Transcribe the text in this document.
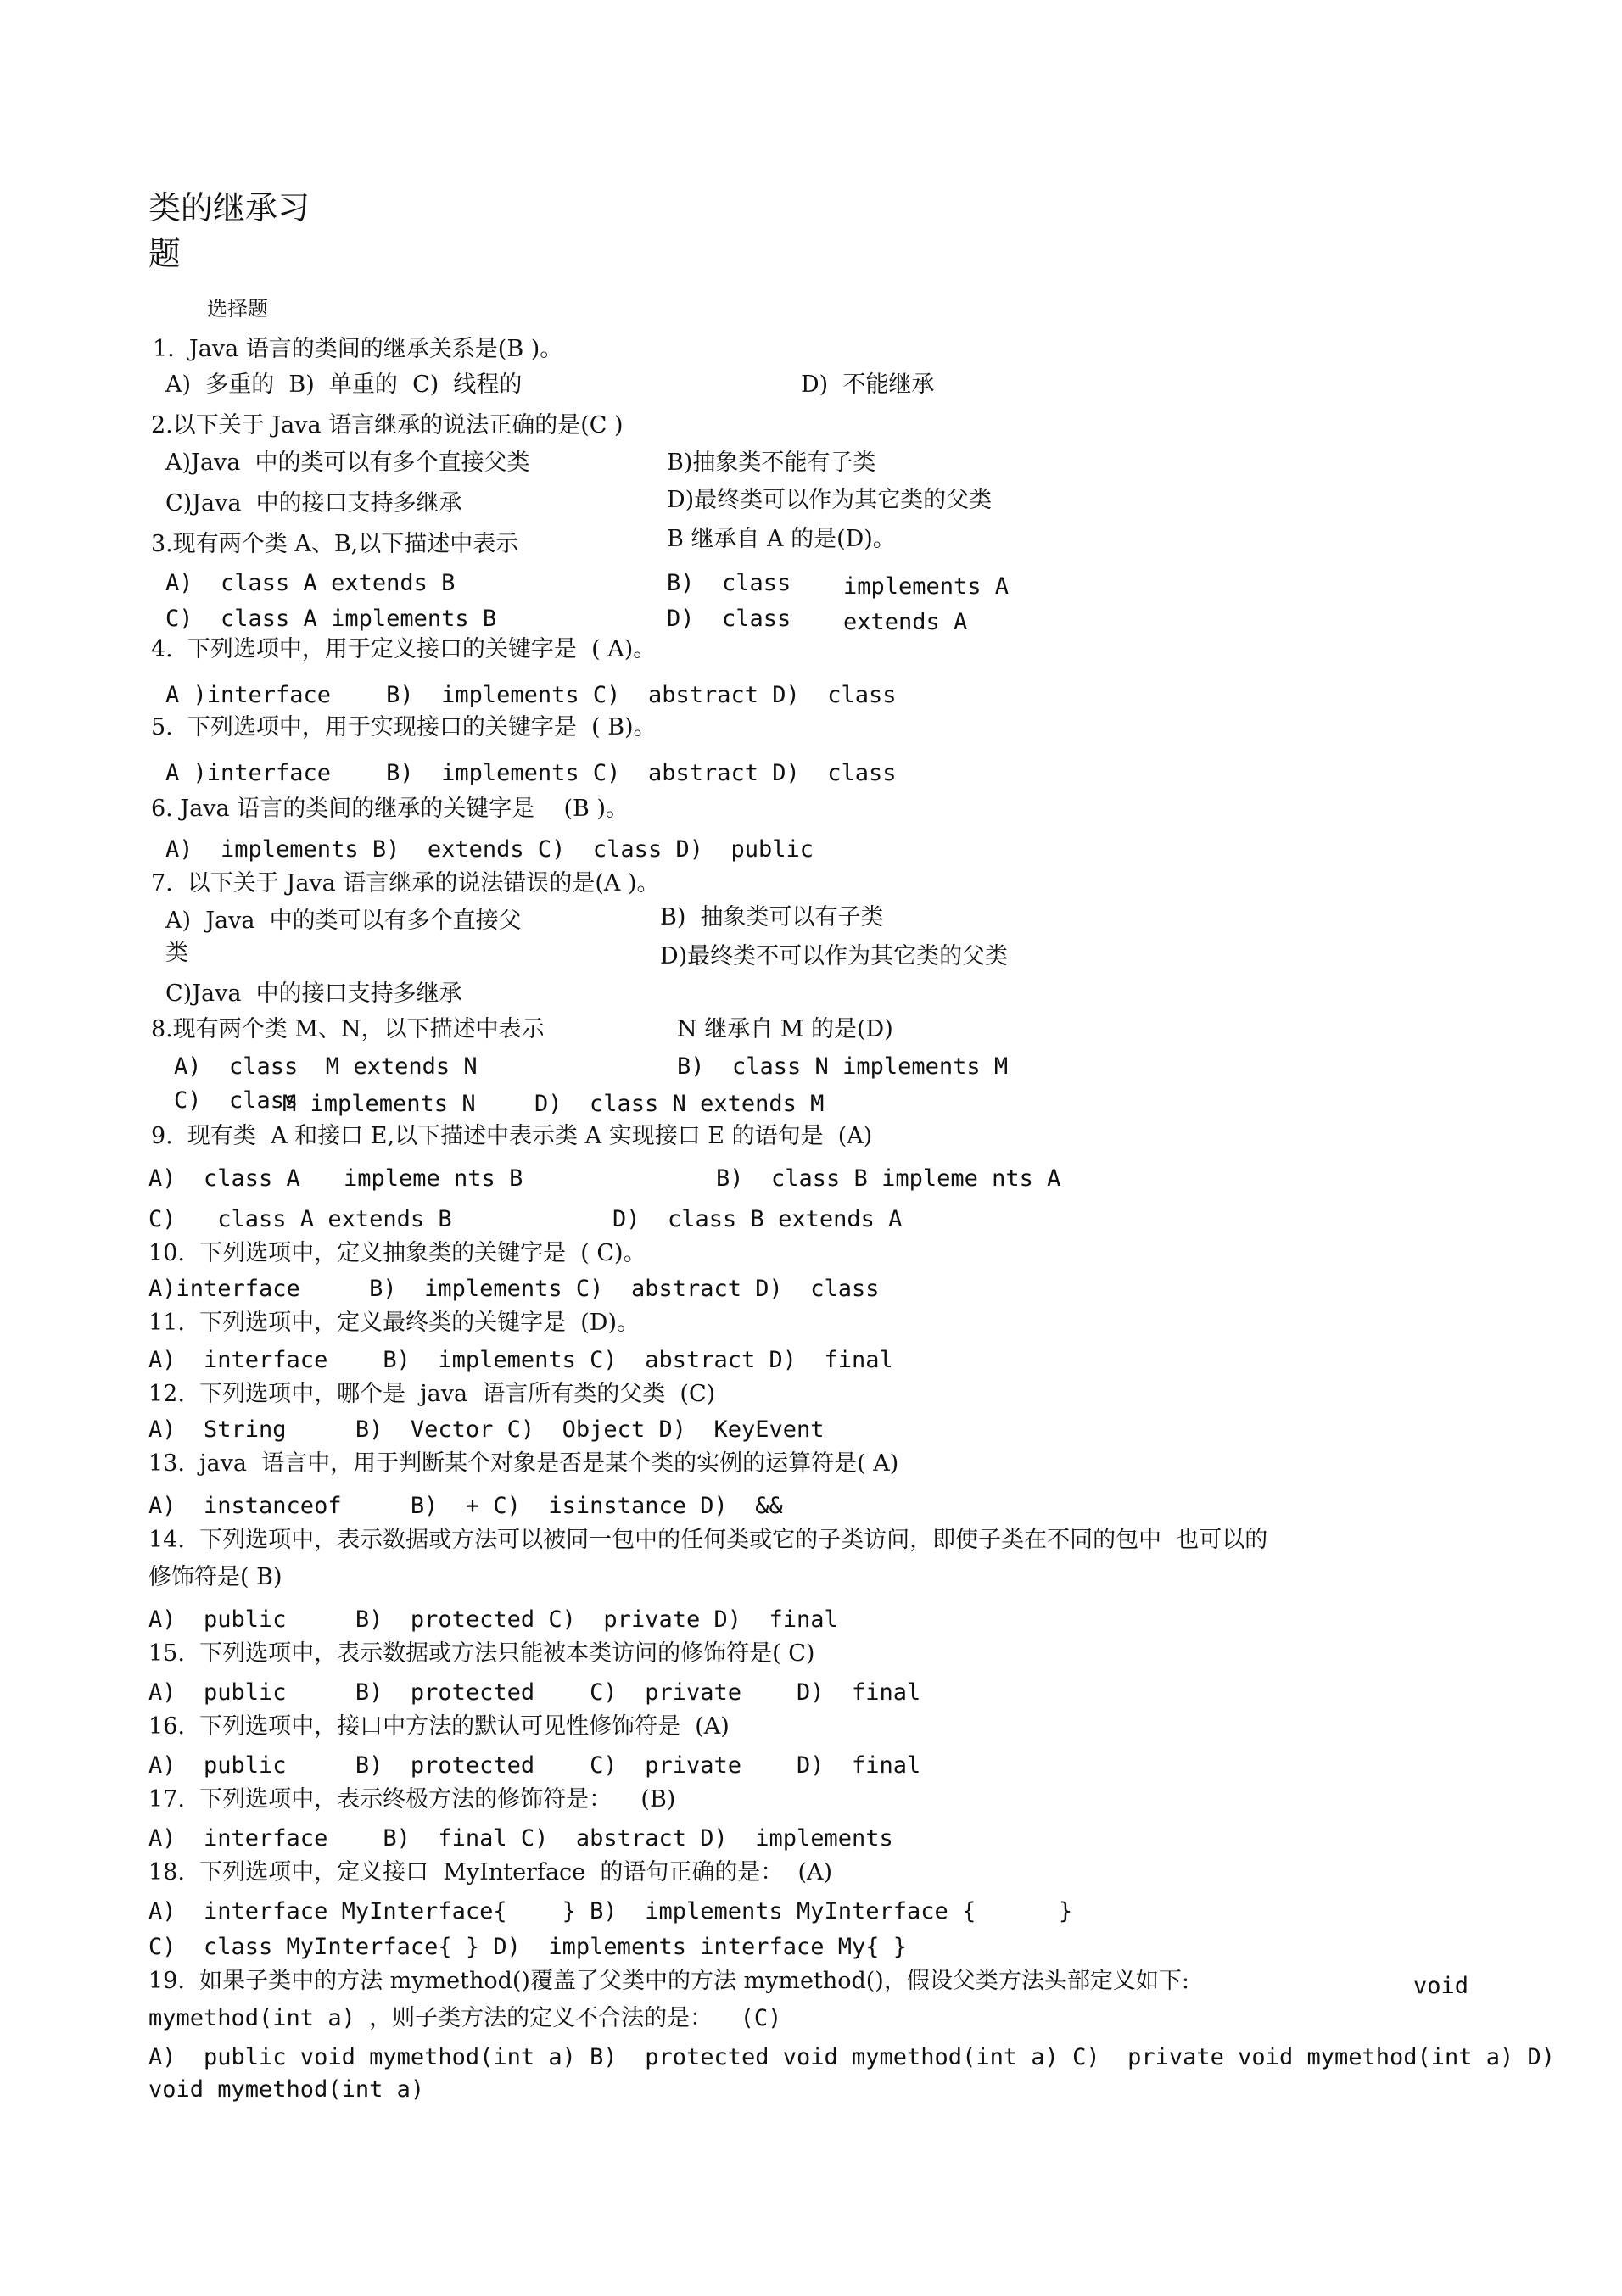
类的继承习
题
选择题
1.  Java 语言的类间的继承关系是(B )。
A)  多重的  B)  单重的  C)  线程的	D)  不能继承
2.以下关于 Java 语言继承的说法正确的是(C )
A)Java  中的类可以有多个直接父类	B)抽象类不能有子类
C)Java  中的接口支持多继承	D)最终类可以作为其它类的父类
3.现有两个类 A、B,以下描述中表示	B 继承自 A 的是(D)。
A)  class A extends B	B)  class implements A
C)  class A implements B	D)  class extends A
4.  下列选项中，用于定义接口的关键字是  ( A)。
A )interface    B)  implements C)  abstract D)  class
5.  下列选项中，用于实现接口的关键字是  ( B)。
A )interface    B)  implements C)  abstract D)  class
6. Java 语言的类间的继承的关键字是    (B )。
A)  implements B)  extends C)  class D)  public
7.  以下关于 Java 语言继承的说法错误的是(A )。
A)  Java  中的类可以有多个直接父	B)  抽象类可以有子类
类	D)最终类不可以作为其它类的父类
C)Java  中的接口支持多继承
8.现有两个类 M、N，以下描述中表示	N 继承自 M 的是(D)
A)  class  M extends N	B)  class N implements M
C)  class
M implements N	D)  class N extends M
9.  现有类  A 和接口 E,以下描述中表示类 A 实现接口 E 的语句是  (A)
A)  class A impleme nts B	B)  class B impleme nts A
C)   class A extends B	D)  class B extends A
10.  下列选项中，定义抽象类的关键字是  ( C)。
A)interface     B)  implements C)  abstract D)  class
11.  下列选项中，定义最终类的关键字是  (D)。
A)  interface    B)  implements C)  abstract D)  final
12.  下列选项中，哪个是  java  语言所有类的父类  (C)
A)  String     B)  Vector C)  Object D)  KeyEvent
13.  java  语言中，用于判断某个对象是否是某个类的实例的运算符是( A)
A)  instanceof     B)  + C)  isinstance D)  &&
14.  下列选项中，表示数据或方法可以被同一包中的任何类或它的子类访问，即使子类在不同的包中  也可以的
修饰符是( B)
A)  public     B)  protected C)  private D)  final
15.  下列选项中，表示数据或方法只能被本类访问的修饰符是( C)
A)  public     B)  protected    C)  private    D)  final
16.  下列选项中，接口中方法的默认可见性修饰符是  (A)
A)  public     B)  protected    C)  private    D)  final
17.  下列选项中，表示终极方法的修饰符是：    (B)
A)  interface    B)  final C)  abstract D)  implements
18.  下列选项中，定义接口  MyInterface  的语句正确的是：  (A)
A)  interface MyInterface{    } B)  implements MyInterface {      }
C)  class MyInterface{ } D)  implements interface My{ }
19.  如果子类中的方法 mymethod()覆盖了父类中的方法 mymethod()，假设父类方法头部定义如下:	void
mymethod(int a) ，则子类方法的定义不合法的是：  (C)
A)  public void mymethod(int a) B)  protected void mymethod(int a) C)  private void mymethod(int a) D)
void mymethod(int a)
